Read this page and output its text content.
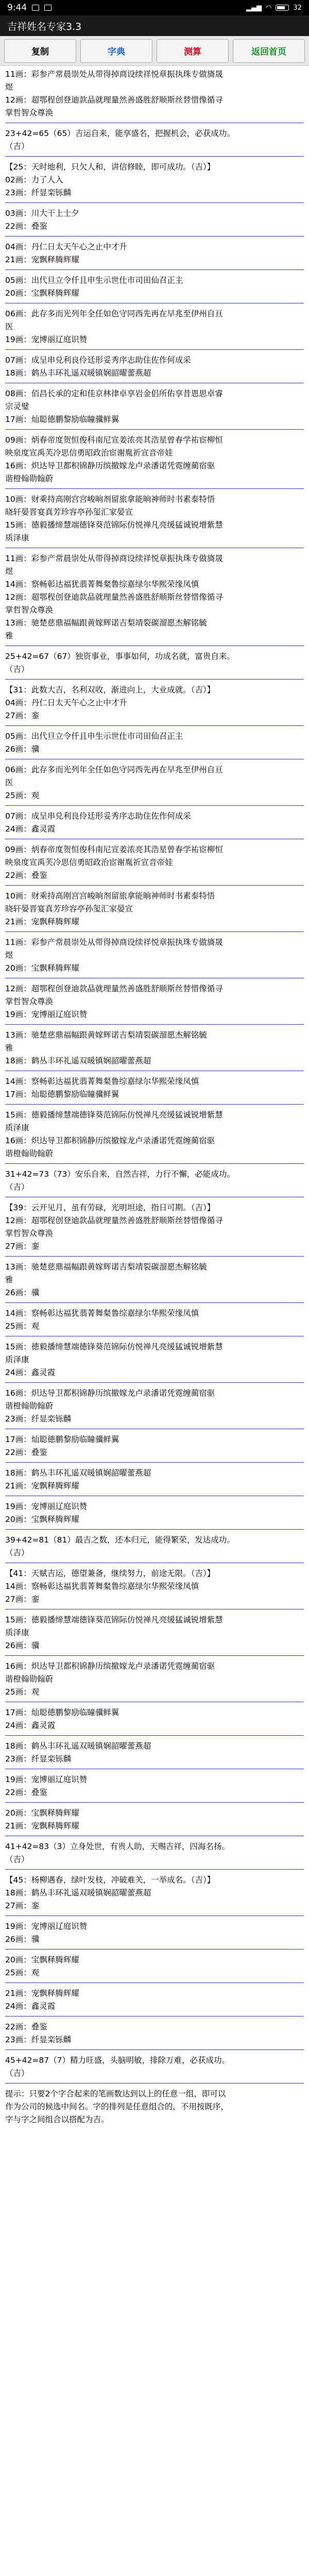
9:44	▂▄▆ ◠	32
吉祥姓名专家3.3
复制	字典	测算	返回首页
11画：彩参产常晨崇处从带得掉商设续祥悦章振执珠专做旖晟
煜
12画：超鄂程创登迪款晶就理量然善盛胜舒顺斯丝替惜像循寻
掌哲智众尊涣
23+42=65（65）吉运自来，能享盛名，把握机会，必获成功。
（吉）
【25：天时地利，只欠人和，讲信修睦，即可成功。（吉）】
02画：力了人入
23画：纤显栾铄麟
03画：川大干上士夕
22画：叠鉴
04画：丹仁日太天午心之止中才升
21画：宠飘释腾辉耀
05画：出代旦立令仟且申生示世仕市司田仙召正主
20画：宝飘释腾辉耀
06画：此存多而光列年全任如色守同西先再在早兆至伊州自亘
医
19画：宠博丽辽庭识赞
07画：成呈串兑利良伶廷形妥秀序志助住佐作何成采
18画：鹤丛丰环礼遥双暖镇娴韶曜蕾燕超
08画：佰昌长承的定和佳京林律卓享岩金侣所佑享昔恩思卓睿
宗灵璧
17画：灿聪德鹏黎励临瞳骥鲜翼
09画：炳春帝度贺恒俊科南尼宣姜浓亮其浩星曾春学祐宦柳恒
映泉度宣禹芙冷思信勇昭政治宦谢胤祈宣音帝娃
16画：炽达导卫都积锦静历缤撤嫁龙卢录潘诺凭霓缠蔺宿驱
谐橙翰勋翰蔚
10画：财乘持高刚宫宫峻晌剂留旅拿能晌神师时书素泰特悟
晓轩晏晋宴真芳珍容亭孙玺汇家晏宣
15画：德毅播缔慧端德锋葵范锦际仿悦禅凡亮缓猛诚锐增紫慧
质泽康
11画：彩参产常晨崇处从带得掉商设续祥悦章振执珠专做旖晟
煜
14画：察畅彰达福犹翡菁舞粲鲁综嘉绿尔华熙荣缘凤慎
12画：超鄂程创登迪款晶就理量然善盛胜舒顺斯丝替惜像循寻
掌哲智众尊涣
13画：驰楚慈鼎福幅跟黄嫁辉诺吉梨靖裂碳溜愿杰解铭毓
雅
25+42=67（67）独资事业，事事如何，功成名就，富贵自来。
（吉）
【31：此数大吉，名利双收，渐进向上，大业成就。（吉）】
04画：丹仁日太天午心之止中才升
27画：銮
05画：出代旦立令仟且申生示世仕市司田仙召正主
26画：骥
06画：此存多而光列年全任如色守同西先再在早兆至伊州自亘
医
25画：观
07画：成呈串兑利良伶廷形妥秀序志助住佐作何成采
24画：鑫灵霞
09画：炳春帝度贺恒俊科南尼宣姜浓亮其浩星曾春学祐宦柳恒
映泉度宣禹芙冷思信勇昭政治宦谢胤祈宣音帝娃
22画：叠鉴
10画：财乘持高刚宫宫峻晌剂留旅拿能晌神师时书素泰特悟
晓轩晏晋宴真芳珍容亭孙玺汇家晏宣
21画：宠飘释腾辉耀
11画：彩参产常晨崇处从带得掉商设续祥悦章振执珠专做旖晟
煜
20画：宝飘释腾辉耀
12画：超鄂程创登迪款晶就理量然善盛胜舒顺斯丝替惜像循寻
掌哲智众尊涣
19画：宠博丽辽庭识赞
13画：驰楚慈鼎福幅跟黄嫁辉诺吉梨靖裂碳溜愿杰解铭毓
雅
18画：鹤丛丰环礼遥双暖镇娴韶曜蕾燕超
14画：察畅彰达福犹翡菁舞粲鲁综嘉绿尔华熙荣缘凤慎
17画：灿聪德鹏黎励临瞳骥鲜翼
15画：德毅播缔慧端德锋葵范锦际仿悦禅凡亮缓猛诚锐增紫慧
质泽康
16画：炽达导卫都积锦静历缤撤嫁龙卢录潘诺凭霓缠蔺宿驱
谐橙翰勋翰蔚
31+42=73（73）安乐自来，自然吉祥，力行不懈，必能成功。
（吉）
【39：云开见月，虽有劳碌，光明坦途，指日可期。（吉）】
12画：超鄂程创登迪款晶就理量然善盛胜舒顺斯丝替惜像循寻
掌哲智众尊涣
27画：銮
13画：驰楚慈鼎福幅跟黄嫁辉诺吉梨靖裂碳溜愿杰解铭毓
雅
26画：骥
14画：察畅彰达福犹翡菁舞粲鲁综嘉绿尔华熙荣缘凤慎
25画：观
15画：德毅播缔慧端德锋葵范锦际仿悦禅凡亮缓猛诚锐增紫慧
质泽康
24画：鑫灵霞
16画：炽达导卫都积锦静历缤撤嫁龙卢录潘诺凭霓缠蔺宿驱
谐橙翰勋翰蔚
23画：纤显栾铄麟
17画：灿聪德鹏黎励临瞳骥鲜翼
22画：叠鉴
18画：鹤丛丰环礼遥双暖镇娴韶曜蕾燕超
21画：宠飘释腾辉耀
19画：宠博丽辽庭识赞
20画：宝飘释腾辉耀
39+42=81（81）最吉之数，还本归元，能得繁荣，发达成功。
（吉）
【41：天赋吉运，德望兼备，继续努力，前途无限。（吉）】
14画：察畅彰达福犹翡菁舞粲鲁综嘉绿尔华熙荣缘凤慎
27画：銮
15画：德毅播缔慧端德锋葵范锦际仿悦禅凡亮缓猛诚锐增紫慧
质泽康
26画：骥
16画：炽达导卫都积锦静历缤撤嫁龙卢录潘诺凭霓缠蔺宿驱
谐橙翰勋翰蔚
25画：观
17画：灿聪德鹏黎励临瞳骥鲜翼
24画：鑫灵霞
18画：鹤丛丰环礼遥双暖镇娴韶曜蕾燕超
23画：纤显栾铄麟
19画：宠博丽辽庭识赞
22画：叠鉴
20画：宝飘释腾辉耀
21画：宠飘释腾辉耀
41+42=83（3）立身处世，有贵人助，天赐吉祥，四海名扬。
（吉）
【45：杨柳遇春，绿叶发枝，冲破难关，一举成名。（吉）】
18画：鹤丛丰环礼遥双暖镇娴韶曜蕾燕超
27画：銮
19画：宠博丽辽庭识赞
26画：骥
20画：宝飘释腾辉耀
25画：观
21画：宠飘释腾辉耀
24画：鑫灵霞
22画：叠鉴
23画：纤显栾铄麟
45+42=87（7）精力旺盛，头脑明敏，排除万难，必获成功。
（吉）
提示：只要2个字合起来的笔画数达到以上的任意一组，即可以
作为公司的候选中间名。字的排列是任意组合的，不用按既序，
字与字之间组合以搭配为吉。
